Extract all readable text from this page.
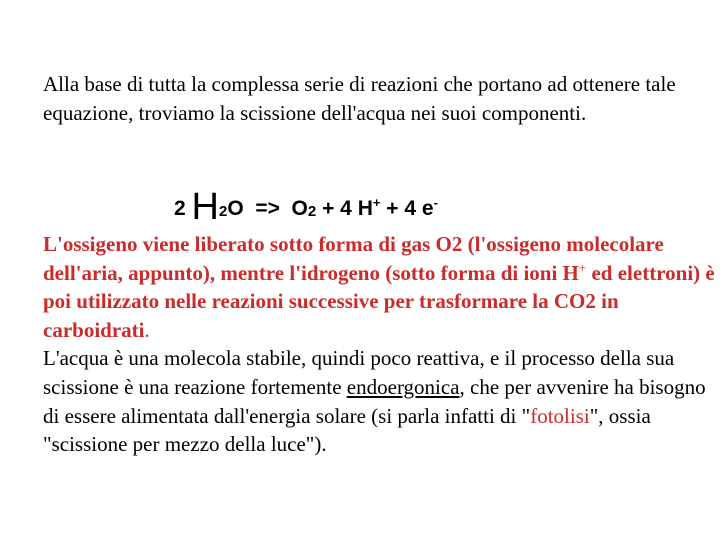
Alla base di tutta la complessa serie di reazioni che portano ad ottenere tale equazione, troviamo la scissione dell'acqua nei suoi componenti.
2 H2O => O2 + 4 H+ + 4 e-
L'ossigeno viene liberato sotto forma di gas O2 (l'ossigeno molecolare dell'aria, appunto), mentre l'idrogeno (sotto forma di ioni H+ ed elettroni) è poi utilizzato nelle reazioni successive per trasformare la CO2 in carboidrati.
L'acqua è una molecola stabile, quindi poco reattiva, e il processo della sua scissione è una reazione fortemente endoergonica, che per avvenire ha bisogno di essere alimentata dall'energia solare (si parla infatti di "fotolisi", ossia "scissione per mezzo della luce").
